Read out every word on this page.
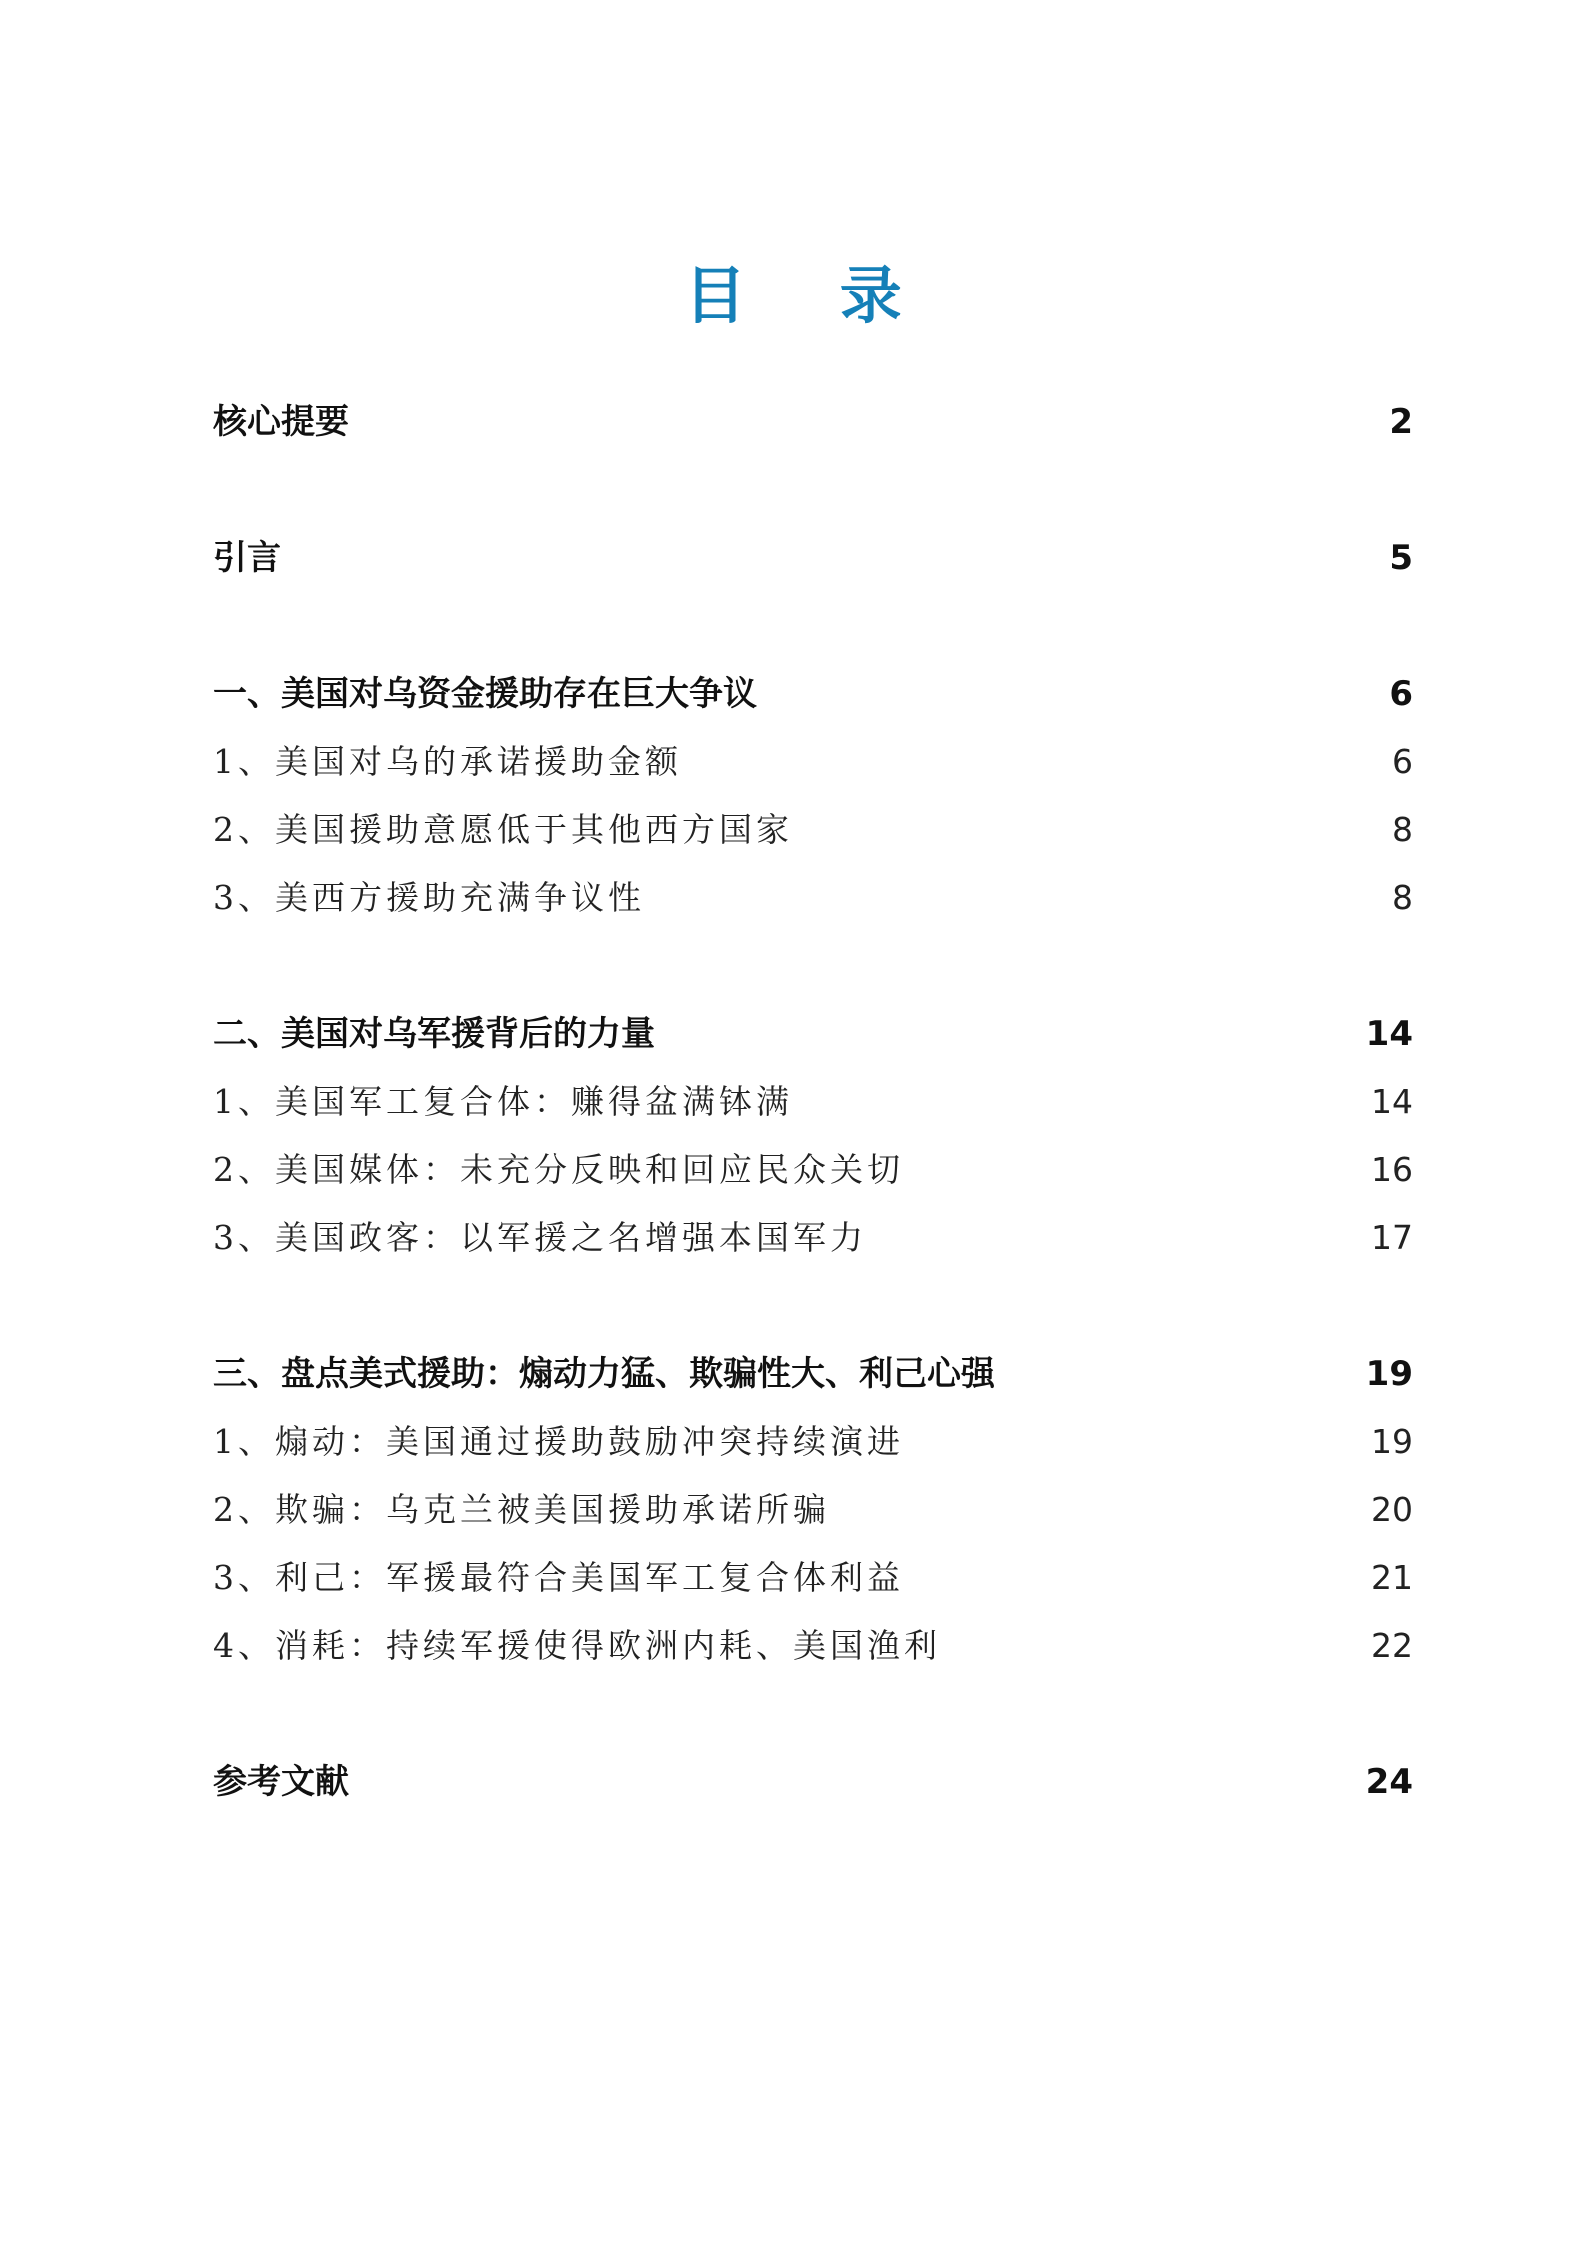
目 录
核心提要	2
引言	5
一、美国对乌资金援助存在巨大争议	6
1、美国对乌的承诺援助金额	6
2、美国援助意愿低于其他西方国家	8
3、美西方援助充满争议性	8
二、美国对乌军援背后的力量	14
1、美国军工复合体：赚得盆满钵满	14
2、美国媒体：未充分反映和回应民众关切	16
3、美国政客：以军援之名增强本国军力	17
三、盘点美式援助：煽动力猛、欺骗性大、利己心强	19
1、煽动：美国通过援助鼓励冲突持续演进	19
2、欺骗：乌克兰被美国援助承诺所骗	20
3、利己：军援最符合美国军工复合体利益	21
4、消耗：持续军援使得欧洲内耗、美国渔利	22
参考文献	24
